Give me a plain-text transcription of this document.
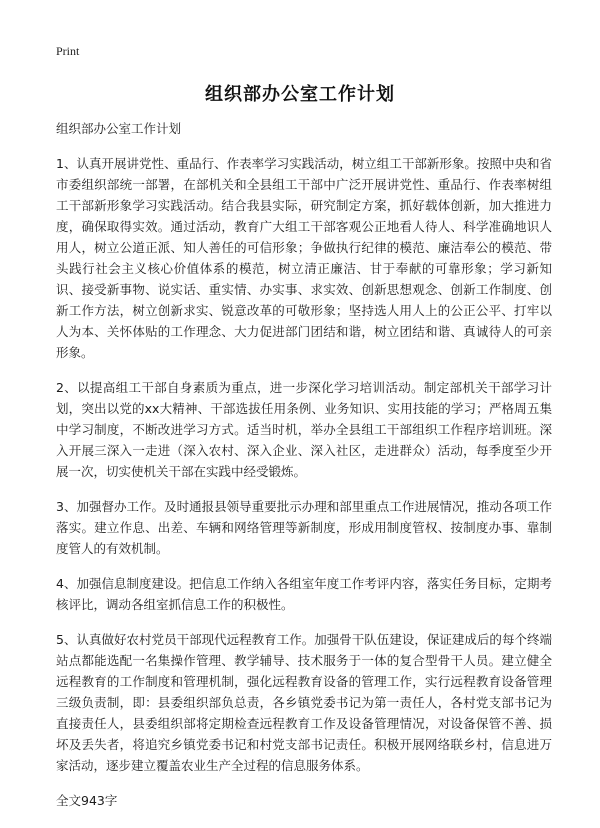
Print
组织部办公室工作计划

组织部办公室工作计划

1、认真开展讲党性、重品行、作表率学习实践活动，树立组工干部新形象。按照中央和省市委组织部统一部署，在部机关和全县组工干部中广泛开展讲党性、重品行、作表率树组工干部新形象学习实践活动。结合我县实际，研究制定方案，抓好载体创新，加大推进力度，确保取得实效。通过活动，教育广大组工干部客观公正地看人待人、科学准确地识人用人，树立公道正派、知人善任的可信形象；争做执行纪律的模范、廉洁奉公的模范、带头践行社会主义核心价值体系的模范，树立清正廉洁、甘于奉献的可靠形象；学习新知识、接受新事物、说实话、重实情、办实事、求实效、创新思想观念、创新工作制度、创新工作方法，树立创新求实、锐意改革的可敬形象；坚持选人用人上的公正公平、打牢以人为本、关怀体贴的工作理念、大力促进部门团结和谐，树立团结和谐、真诚待人的可亲形象。

2、以提高组工干部自身素质为重点，进一步深化学习培训活动。制定部机关干部学习计划，突出以党的xx大精神、干部选拔任用条例、业务知识、实用技能的学习；严格周五集中学习制度，不断改进学习方式。适当时机，举办全县组工干部组织工作程序培训班。深入开展三深入一走进（深入农村、深入企业、深入社区，走进群众）活动，每季度至少开展一次，切实使机关干部在实践中经受锻炼。

3、加强督办工作。及时通报县领导重要批示办理和部里重点工作进展情况，推动各项工作落实。建立作息、出差、车辆和网络管理等新制度，形成用制度管权、按制度办事、靠制度管人的有效机制。

4、加强信息制度建设。把信息工作纳入各组室年度工作考评内容，落实任务目标，定期考核评比，调动各组室抓信息工作的积极性。

5、认真做好农村党员干部现代远程教育工作。加强骨干队伍建设，保证建成后的每个终端站点都能选配一名集操作管理、教学辅导、技术服务于一体的复合型骨干人员。建立健全远程教育的工作制度和管理机制，强化远程教育设备的管理工作，实行远程教育设备管理三级负责制，即：县委组织部负总责，各乡镇党委书记为第一责任人，各村党支部书记为直接责任人，县委组织部将定期检查远程教育工作及设备管理情况，对设备保管不善、损坏及丢失者，将追究乡镇党委书记和村党支部书记责任。积极开展网络联乡村，信息进万家活动，逐步建立覆盖农业生产全过程的信息服务体系。

全文943字
